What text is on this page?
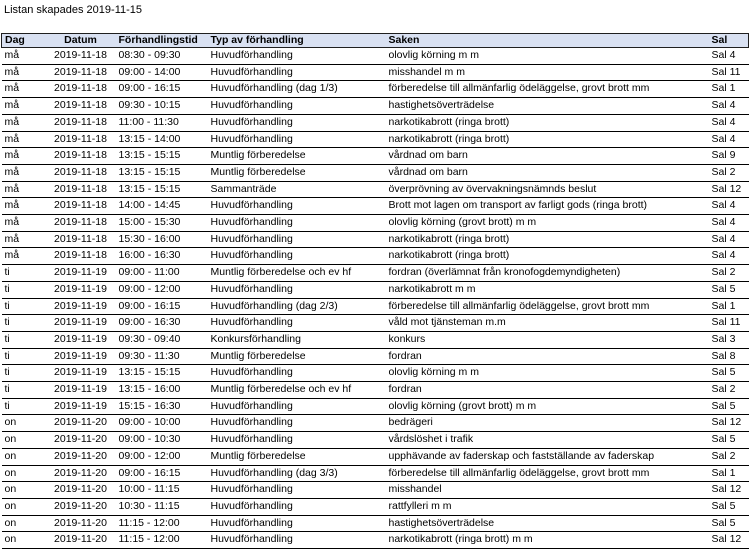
Listan skapades 2019-11-15
Dag	Datum	Förhandlingstid	Typ av förhandling	Saken	Sal
må	2019-11-18	08:30 - 09:30	Huvudförhandling	olovlig körning m m	Sal 4
må	2019-11-18	09:00 - 14:00	Huvudförhandling	misshandel m m	Sal 11
må	2019-11-18	09:00 - 16:15	Huvudförhandling (dag 1/3)	förberedelse till allmänfarlig ödeläggelse, grovt brott mm	Sal 1
må	2019-11-18	09:30 - 10:15	Huvudförhandling	hastighetsöverträdelse	Sal 4
må	2019-11-18	11:00 - 11:30	Huvudförhandling	narkotikabrott (ringa brott)	Sal 4
må	2019-11-18	13:15 - 14:00	Huvudförhandling	narkotikabrott (ringa brott)	Sal 4
må	2019-11-18	13:15 - 15:15	Muntlig förberedelse	vårdnad om barn	Sal 9
må	2019-11-18	13:15 - 15:15	Muntlig förberedelse	vårdnad om barn	Sal 2
må	2019-11-18	13:15 - 15:15	Sammanträde	överprövning av övervakningsnämnds beslut	Sal 12
må	2019-11-18	14:00 - 14:45	Huvudförhandling	Brott mot lagen om transport av farligt gods (ringa brott)	Sal 4
må	2019-11-18	15:00 - 15:30	Huvudförhandling	olovlig körning (grovt brott) m m	Sal 4
må	2019-11-18	15:30 - 16:00	Huvudförhandling	narkotikabrott (ringa brott)	Sal 4
må	2019-11-18	16:00 - 16:30	Huvudförhandling	narkotikabrott (ringa brott)	Sal 4
ti	2019-11-19	09:00 - 11:00	Muntlig förberedelse och ev hf	fordran (överlämnat från kronofogdemyndigheten)	Sal 2
ti	2019-11-19	09:00 - 12:00	Huvudförhandling	narkotikabrott m m	Sal 5
ti	2019-11-19	09:00 - 16:15	Huvudförhandling (dag 2/3)	förberedelse till allmänfarlig ödeläggelse, grovt brott mm	Sal 1
ti	2019-11-19	09:00 - 16:30	Huvudförhandling	våld mot tjänsteman m.m	Sal 11
ti	2019-11-19	09:30 - 09:40	Konkursförhandling	konkurs	Sal 3
ti	2019-11-19	09:30 - 11:30	Muntlig förberedelse	fordran	Sal 8
ti	2019-11-19	13:15 - 15:15	Huvudförhandling	olovlig körning m m	Sal 5
ti	2019-11-19	13:15 - 16:00	Muntlig förberedelse och ev hf	fordran	Sal 2
ti	2019-11-19	15:15 - 16:30	Huvudförhandling	olovlig körning (grovt brott) m m	Sal 5
on	2019-11-20	09:00 - 10:00	Huvudförhandling	bedrägeri	Sal 12
on	2019-11-20	09:00 - 10:30	Huvudförhandling	vårdslöshet i trafik	Sal 5
on	2019-11-20	09:00 - 12:00	Muntlig förberedelse	upphävande av faderskap och fastställande av faderskap	Sal 2
on	2019-11-20	09:00 - 16:15	Huvudförhandling (dag 3/3)	förberedelse till allmänfarlig ödeläggelse, grovt brott mm	Sal 1
on	2019-11-20	10:00 - 11:15	Huvudförhandling	misshandel	Sal 12
on	2019-11-20	10:30 - 11:15	Huvudförhandling	rattfylleri m m	Sal 5
on	2019-11-20	11:15 - 12:00	Huvudförhandling	hastighetsöverträdelse	Sal 5
on	2019-11-20	11:15 - 12:00	Huvudförhandling	narkotikabrott (ringa brott) m m	Sal 12
